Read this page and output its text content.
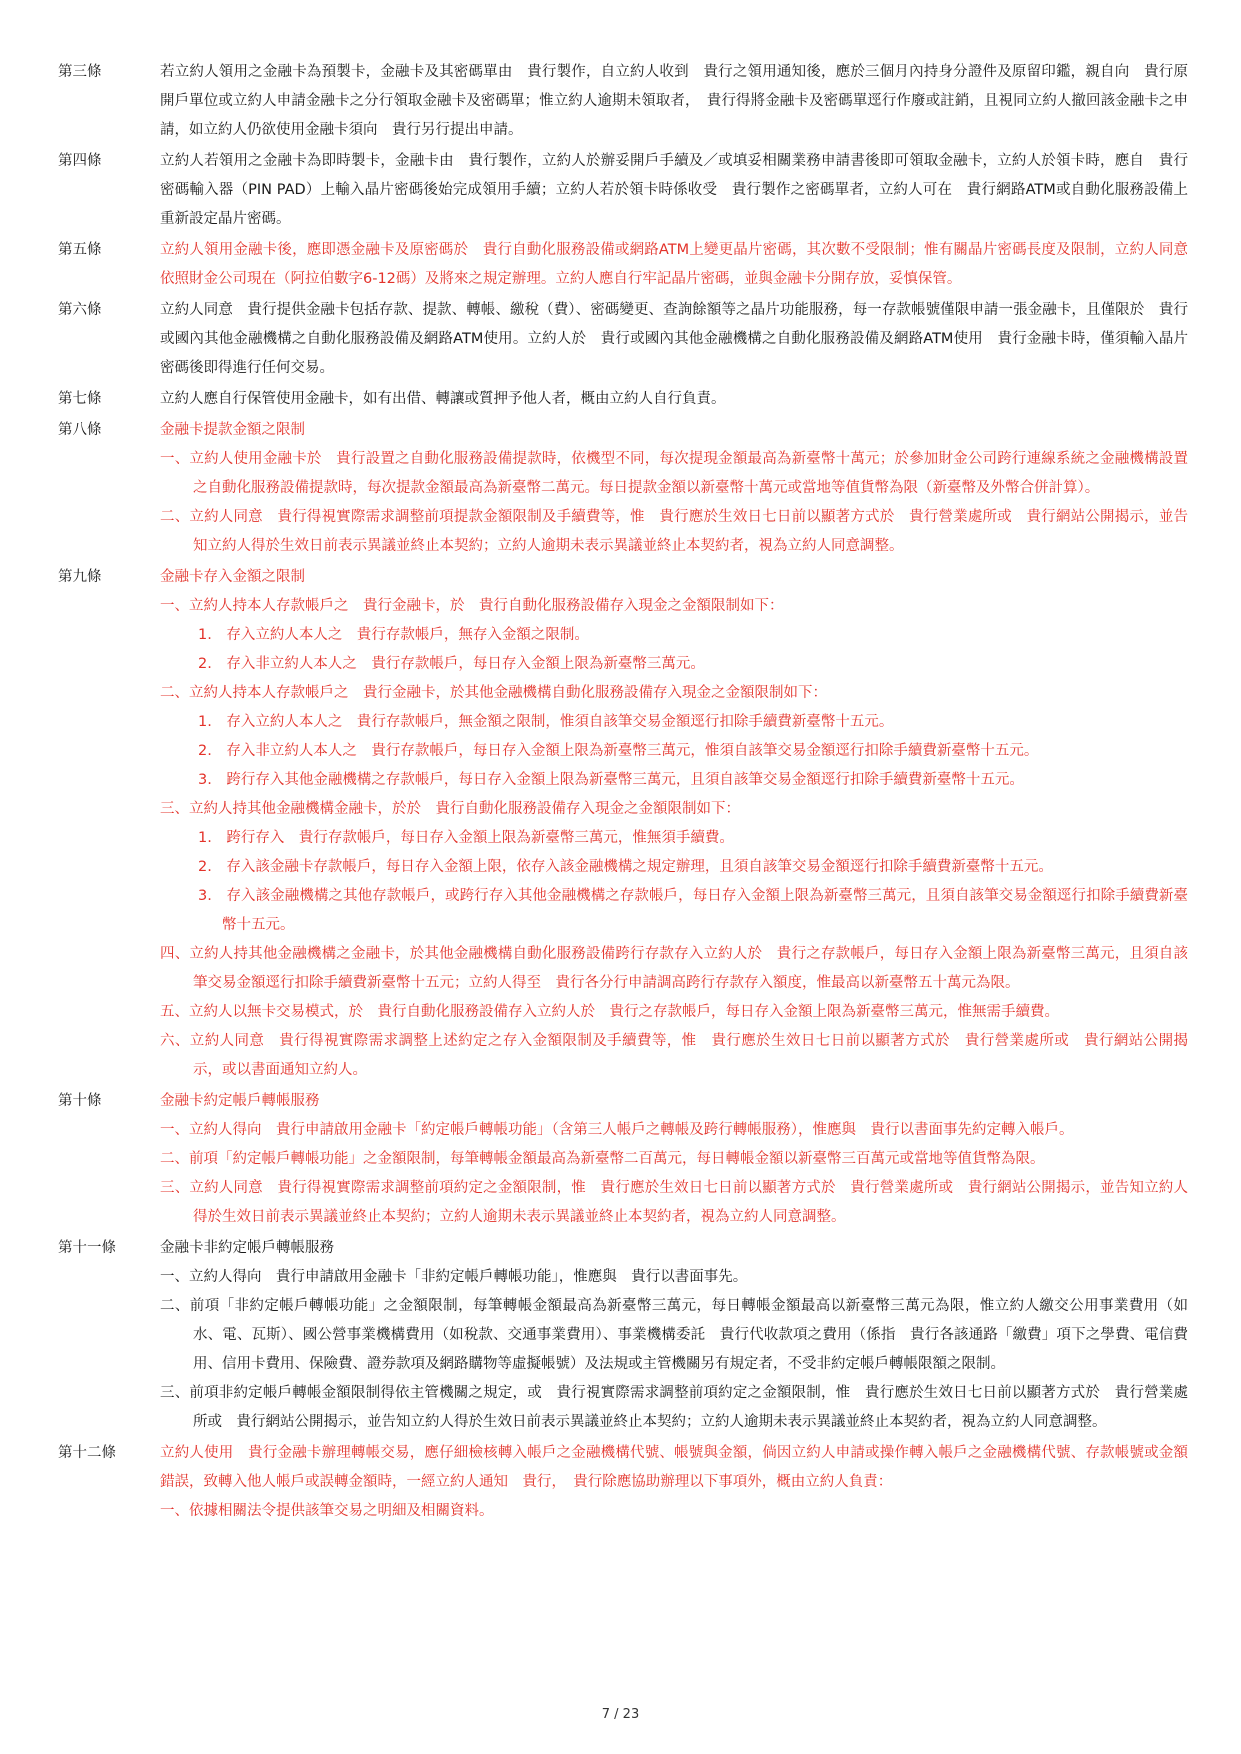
第三條	若立約人領用之金融卡為預製卡，金融卡及其密碼單由　貴行製作，自立約人收到　貴行之領用通知後，應於三個月內持身分證件及原留印鑑，親自向　貴行原開戶單位或立約人申請金融卡之分行領取金融卡及密碼單；惟立約人逾期未領取者，　貴行得將金融卡及密碼單逕行作廢或註銷，且視同立約人撤回該金融卡之申請，如立約人仍欲使用金融卡須向　貴行另行提出申請。
第四條	立約人若領用之金融卡為即時製卡，金融卡由　貴行製作，立約人於辦妥開戶手續及／或填妥相關業務申請書後即可領取金融卡，立約人於領卡時，應自　貴行密碼輸入器（PIN PAD）上輸入晶片密碼後始完成領用手續；立約人若於領卡時係收受　貴行製作之密碼單者，立約人可在　貴行網路ATM或自動化服務設備上重新設定晶片密碼。
第五條	立約人領用金融卡後，應即憑金融卡及原密碼於　貴行自動化服務設備或網路ATM上變更晶片密碼，其次數不受限制；惟有關晶片密碼長度及限制，立約人同意依照財金公司現在（阿拉伯數字6-12碼）及將來之規定辦理。立約人應自行牢記晶片密碼，並與金融卡分開存放，妥慎保管。
第六條	立約人同意　貴行提供金融卡包括存款、提款、轉帳、繳稅（費）、密碼變更、查詢餘額等之晶片功能服務，每一存款帳號僅限申請一張金融卡，且僅限於　貴行或國內其他金融機構之自動化服務設備及網路ATM使用。立約人於　貴行或國內其他金融機構之自動化服務設備及網路ATM使用　貴行金融卡時，僅須輸入晶片密碼後即得進行任何交易。
第七條	立約人應自行保管使用金融卡，如有出借、轉讓或質押予他人者，概由立約人自行負責。
第八條	金融卡提款金額之限制
一、立約人使用金融卡於　貴行設置之自動化服務設備提款時，依機型不同，每次提現金額最高為新臺幣十萬元；於參加財金公司跨行連線系統之金融機構設置之自動化服務設備提款時，每次提款金額最高為新臺幣二萬元。每日提款金額以新臺幣十萬元或當地等值貨幣為限（新臺幣及外幣合併計算）。
二、立約人同意　貴行得視實際需求調整前項提款金額限制及手續費等，惟　貴行應於生效日七日前以顯著方式於　貴行營業處所或　貴行網站公開揭示，並告知立約人得於生效日前表示異議並終止本契約；立約人逾期未表示異議並終止本契約者，視為立約人同意調整。
第九條	金融卡存入金額之限制
一、立約人持本人存款帳戶之　貴行金融卡，於　貴行自動化服務設備存入現金之金額限制如下：
1.　存入立約人本人之　貴行存款帳戶，無存入金額之限制。
2.　存入非立約人本人之　貴行存款帳戶，每日存入金額上限為新臺幣三萬元。
二、立約人持本人存款帳戶之　貴行金融卡，於其他金融機構自動化服務設備存入現金之金額限制如下：
1.　存入立約人本人之　貴行存款帳戶，無金額之限制，惟須自該筆交易金額逕行扣除手續費新臺幣十五元。
2.　存入非立約人本人之　貴行存款帳戶，每日存入金額上限為新臺幣三萬元，惟須自該筆交易金額逕行扣除手續費新臺幣十五元。
3.　跨行存入其他金融機構之存款帳戶，每日存入金額上限為新臺幣三萬元，且須自該筆交易金額逕行扣除手續費新臺幣十五元。
三、立約人持其他金融機構金融卡，於於　貴行自動化服務設備存入現金之金額限制如下：
1.　跨行存入　貴行存款帳戶，每日存入金額上限為新臺幣三萬元，惟無須手續費。
2.　存入該金融卡存款帳戶，每日存入金額上限，依存入該金融機構之規定辦理，且須自該筆交易金額逕行扣除手續費新臺幣十五元。
3.　存入該金融機構之其他存款帳戶，或跨行存入其他金融機構之存款帳戶，每日存入金額上限為新臺幣三萬元，且須自該筆交易金額逕行扣除手續費新臺幣十五元。
四、立約人持其他金融機構之金融卡，於其他金融機構自動化服務設備跨行存款存入立約人於　貴行之存款帳戶，每日存入金額上限為新臺幣三萬元，且須自該筆交易金額逕行扣除手續費新臺幣十五元；立約人得至　貴行各分行申請調高跨行存款存入額度，惟最高以新臺幣五十萬元為限。
五、立約人以無卡交易模式，於　貴行自動化服務設備存入立約人於　貴行之存款帳戶，每日存入金額上限為新臺幣三萬元，惟無需手續費。
六、立約人同意　貴行得視實際需求調整上述約定之存入金額限制及手續費等，惟　貴行應於生效日七日前以顯著方式於　貴行營業處所或　貴行網站公開揭示，或以書面通知立約人。
第十條	金融卡約定帳戶轉帳服務
一、立約人得向　貴行申請啟用金融卡「約定帳戶轉帳功能」（含第三人帳戶之轉帳及跨行轉帳服務），惟應與　貴行以書面事先約定轉入帳戶。
二、前項「約定帳戶轉帳功能」之金額限制，每筆轉帳金額最高為新臺幣二百萬元，每日轉帳金額以新臺幣三百萬元或當地等值貨幣為限。
三、立約人同意　貴行得視實際需求調整前項約定之金額限制，惟　貴行應於生效日七日前以顯著方式於　貴行營業處所或　貴行網站公開揭示，並告知立約人得於生效日前表示異議並終止本契約；立約人逾期未表示異議並終止本契約者，視為立約人同意調整。
第十一條	金融卡非約定帳戶轉帳服務
一、立約人得向　貴行申請啟用金融卡「非約定帳戶轉帳功能」，惟應與　貴行以書面事先。
二、前項「非約定帳戶轉帳功能」之金額限制，每筆轉帳金額最高為新臺幣三萬元，每日轉帳金額最高以新臺幣三萬元為限，惟立約人繳交公用事業費用（如水、電、瓦斯）、國公營事業機構費用（如稅款、交通事業費用）、事業機構委託　貴行代收款項之費用（係指　貴行各該通路「繳費」項下之學費、電信費用、信用卡費用、保險費、證券款項及網路購物等虛擬帳號）及法規或主管機關另有規定者，不受非約定帳戶轉帳限額之限制。
三、前項非約定帳戶轉帳金額限制得依主管機關之規定，或　貴行視實際需求調整前項約定之金額限制，惟　貴行應於生效日七日前以顯著方式於　貴行營業處所或　貴行網站公開揭示，並告知立約人得於生效日前表示異議並終止本契約；立約人逾期未表示異議並終止本契約者，視為立約人同意調整。
第十二條	立約人使用　貴行金融卡辦理轉帳交易，應仔細檢核轉入帳戶之金融機構代號、帳號與金額，倘因立約人申請或操作轉入帳戶之金融機構代號、存款帳號或金額錯誤，致轉入他人帳戶或誤轉金額時，一經立約人通知　貴行，　貴行除應協助辦理以下事項外，概由立約人負責：
一、依據相關法令提供該筆交易之明細及相關資料。
7 / 23
